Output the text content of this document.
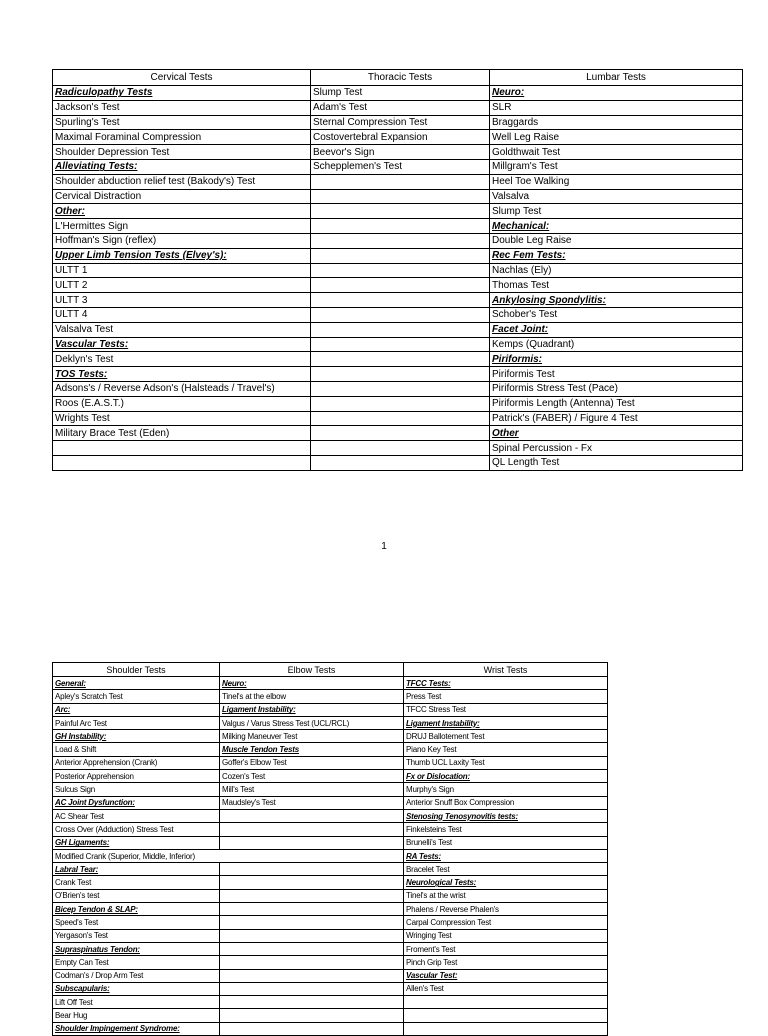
Cervical Tests	Thoracic Tests	Lumbar Tests
Radiculopathy Tests	Slump Test	Neuro:
Jackson's Test	Adam's Test	SLR
Spurling's Test	Sternal Compression Test	Braggards
Maximal Foraminal Compression	Costovertebral Expansion	Well Leg Raise
Shoulder Depression Test	Beevor's Sign	Goldthwait Test
Alleviating Tests:	Schepplemen's Test	Millgram's Test
Shoulder abduction relief test (Bakody's) Test		Heel Toe Walking
Cervical Distraction		Valsalva
Other:		Slump Test
L'Hermittes Sign		Mechanical:
Hoffman's Sign (reflex)		Double Leg Raise
Upper Limb Tension Tests (Elvey's):		Rec Fem Tests:
ULTT 1		Nachlas (Ely)
ULTT 2		Thomas Test
ULTT 3		Ankylosing Spondylitis:
ULTT 4		Schober's Test
Valsalva Test		Facet Joint:
Vascular Tests:		Kemps (Quadrant)
Deklyn's Test		Piriformis:
TOS Tests:		Piriformis Test
Adsons's / Reverse Adson's (Halsteads / Travel's)		Piriformis Stress Test (Pace)
Roos (E.A.S.T.)		Piriformis Length (Antenna) Test
Wrights Test		Patrick's (FABER) / Figure 4 Test
Military Brace Test (Eden)		Other
		Spinal Percussion - Fx
		QL Length Test
1
Shoulder Tests	Elbow Tests	Wrist Tests
General:	Neuro:	TFCC Tests:
Apley's Scratch Test	Tinel's at the elbow	Press Test
Arc:	Ligament Instability:	TFCC Stress Test
Painful Arc Test	Valgus / Varus Stress Test (UCL/RCL)	Ligament Instability:
GH Instability:	Milking Maneuver Test	DRUJ Ballotement Test
Load & Shift	Muscle Tendon Tests	Piano Key Test
Anterior Apprehension (Crank)	Goffer's Elbow Test	Thumb UCL Laxity Test
Posterior Apprehension	Cozen's Test	Fx or Dislocation:
Sulcus Sign	Mill's Test	Murphy's Sign
AC Joint Dysfunction:	Maudsley's Test	Anterior Snuff Box Compression
AC Shear Test		Stenosing Tenosynovitis tests:
Cross Over (Adduction) Stress Test		Finkelsteins Test
GH Ligaments:		Brunelli's Test
Modified Crank (Superior, Middle, Inferior)		RA Tests:
Labral Tear:		Bracelet Test
Crank Test		Neurological Tests:
O'Brien's test		Tinel's at the wrist
Bicep Tendon & SLAP:		Phalens / Reverse Phalen's
Speed's Test		Carpal Compression Test
Yergason's Test		Wringing Test
Supraspinatus Tendon:		Froment's Test
Empty Can Test		Pinch Grip Test
Codman's / Drop Arm Test		Vascular Test:
Subscapularis:		Allen's Test
Lift Off Test		
Bear Hug		
Shoulder Impingement Syndrome:		
